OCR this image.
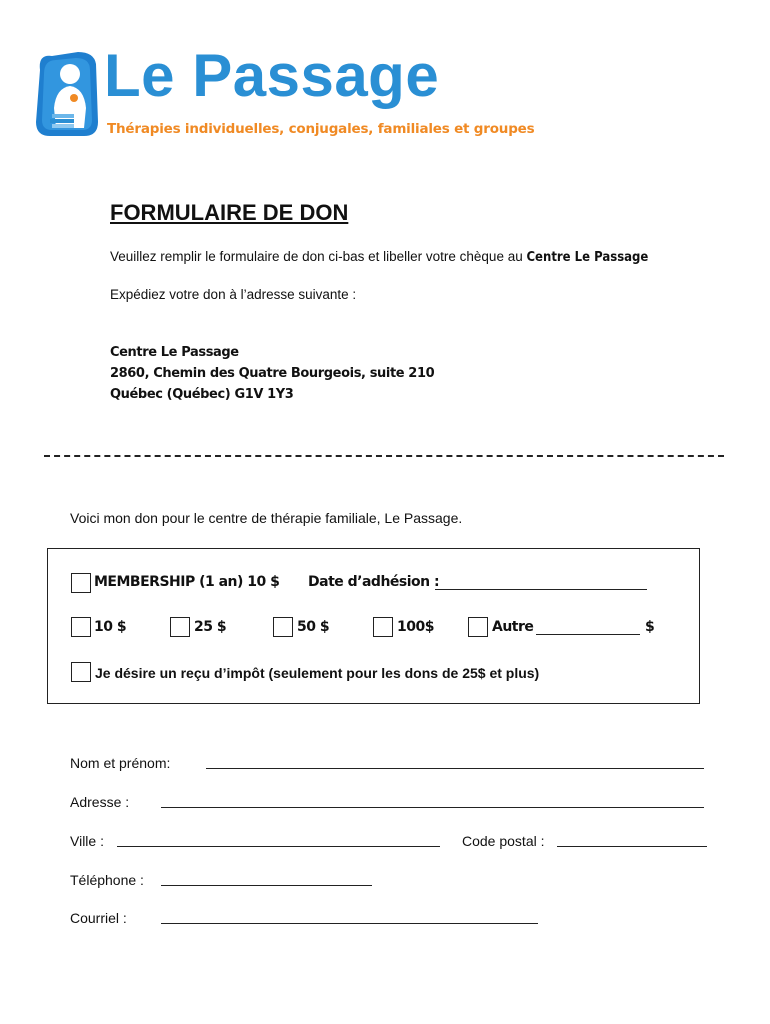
Le Passage
Thérapies individuelles, conjugales, familiales et groupes
FORMULAIRE DE DON
Veuillez remplir le formulaire de don ci-bas et libeller votre chèque au Centre Le Passage
Expédiez votre don à l’adresse suivante :
Centre Le Passage
2860, Chemin des Quatre Bourgeois, suite 210
Québec (Québec) G1V 1Y3
Voici mon don pour le centre de thérapie familiale, Le Passage.
MEMBERSHIP (1 an) 10 $ Date d’adhésion :
10 $	25 $	50 $	100$	Autre	$
Je désire un reçu d’impôt (seulement pour les dons de 25$ et plus)
Nom et prénom:
Adresse :
Ville :	Code postal :
Téléphone :
Courriel :
